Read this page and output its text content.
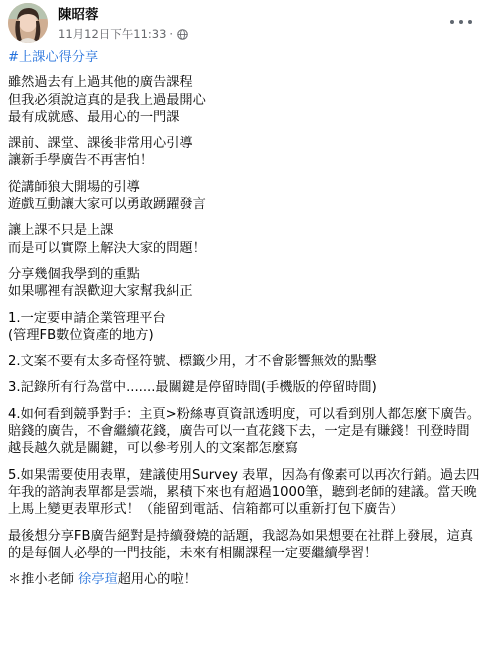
陳昭蓉
11月12日下午11:33 ·
#上課心得分享
雖然過去有上過其他的廣告課程
但我必須說這真的是我上過最開心
最有成就感、最用心的一門課
課前、課堂、課後非常用心引導
讓新手學廣告不再害怕！
從講師狼大開場的引導
遊戲互動讓大家可以勇敢踴躍發言
讓上課不只是上課
而是可以實際上解決大家的問題！
分享幾個我學到的重點
如果哪裡有誤歡迎大家幫我糾正
1.一定要申請企業管理平台
(管理FB數位資產的地方)
2.文案不要有太多奇怪符號、標籤少用，才不會影響無效的點擊
3.記錄所有行為當中.......最關鍵是停留時間(手機版的停留時間)
4.如何看到競爭對手：主頁>粉絲專頁資訊透明度，可以看到別人都怎麼下廣告。賠錢的廣告，不會繼續花錢，廣告可以一直花錢下去，一定是有賺錢！刊登時間越長越久就是關鍵，可以參考別人的文案都怎麼寫
5.如果需要使用表單，建議使用Survey 表單，因為有像素可以再次行銷。過去四年我的諮詢表單都是雲端，累積下來也有超過1000筆，聽到老師的建議。當天晚上馬上變更表單形式！（能留到電話、信箱都可以重新打包下廣告）
最後想分享FB廣告絕對是持續發燒的話題，我認為如果想要在社群上發展，這真的是每個人必學的一門技能，未來有相關課程一定要繼續學習！
＊推小老師 徐亭瑄超用心的啦！
